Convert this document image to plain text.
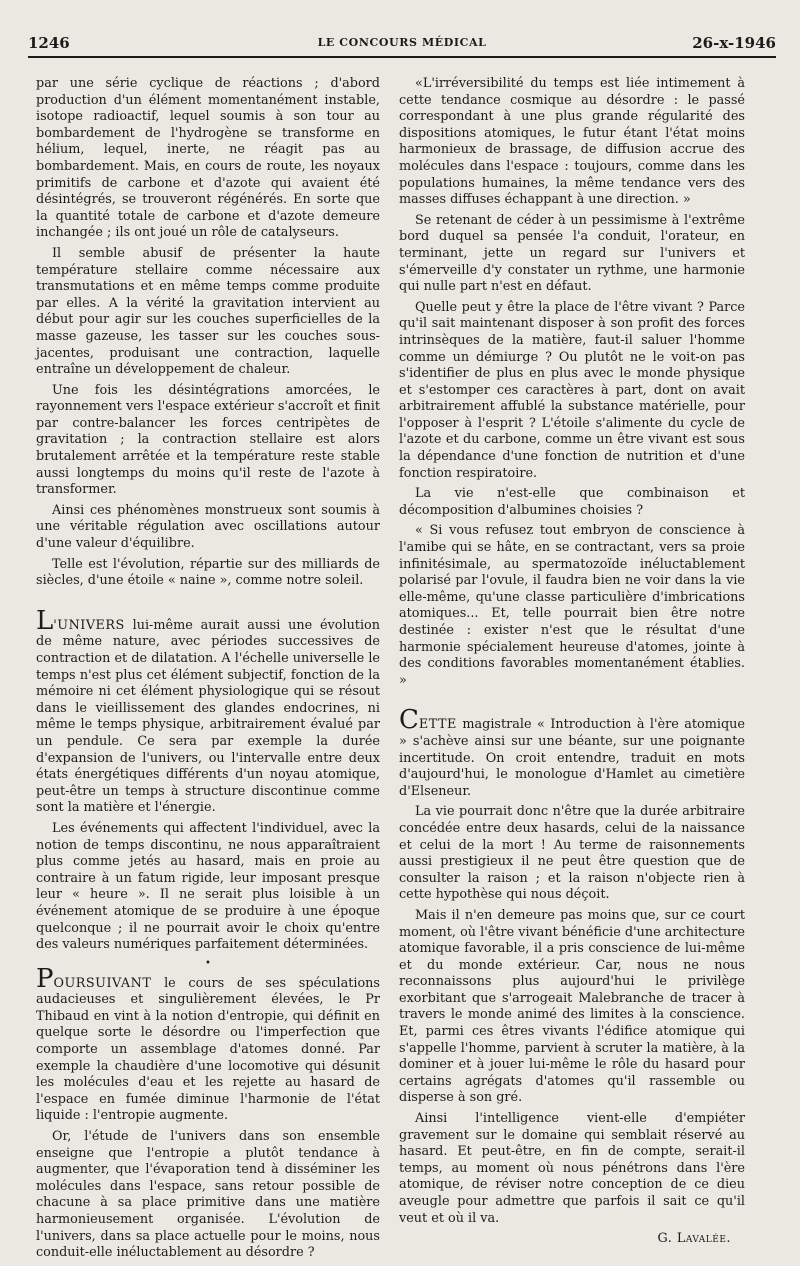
1246	LE CONCOURS MÉDICAL	26-x-1946

par une série cyclique de réactions ; d'abord production d'un élément momentanément instable, isotope radioactif, lequel soumis à son tour au bombardement de l'hydrogène se transforme en hélium, lequel, inerte, ne réagit pas au bombardement. Mais, en cours de route, les noyaux primitifs de carbone et d'azote qui avaient été désintégrés, se trouveront régénérés. En sorte que la quantité totale de carbone et d'azote demeure inchangée ; ils ont joué un rôle de catalyseurs.

Il semble abusif de présenter la haute température stellaire comme nécessaire aux transmutations et en même temps comme produite par elles. A la vérité la gravitation intervient au début pour agir sur les couches superficielles de la masse gazeuse, les tasser sur les couches sous-jacentes, produisant une contraction, laquelle entraîne un développement de chaleur.

Une fois les désintégrations amorcées, le rayonnement vers l'espace extérieur s'accroît et finit par contre-balancer les forces centripètes de gravitation ; la contraction stellaire est alors brutalement arrêtée et la température reste stable aussi longtemps du moins qu'il reste de l'azote à transformer.

Ainsi ces phénomènes monstrueux sont soumis à une véritable régulation avec oscillations autour d'une valeur d'équilibre.

Telle est l'évolution, répartie sur des milliards de siècles, d'une étoile « naine », comme notre soleil.

L'UNIVERS lui-même aurait aussi une évolution de même nature, avec périodes successives de contraction et de dilatation. A l'échelle universelle le temps n'est plus cet élément subjectif, fonction de la mémoire ni cet élément physiologique qui se résout dans le vieillissement des glandes endocrines, ni même le temps physique, arbitrairement évalué par un pendule. Ce sera par exemple la durée d'expansion de l'univers, ou l'intervalle entre deux états énergétiques différents d'un noyau atomique, peut-être un temps à structure discontinue comme sont la matière et l'énergie.

Les événements qui affectent l'individuel, avec la notion de temps discontinu, ne nous apparaîtraient plus comme jetés au hasard, mais en proie au contraire à un fatum rigide, leur imposant presque leur « heure ». Il ne serait plus loisible à un événement atomique de se produire à une époque quelconque ; il ne pourrait avoir le choix qu'entre des valeurs numériques parfaitement déterminées.

•

POURSUIVANT le cours de ses spéculations audacieuses et singulièrement élevées, le Pr Thibaud en vint à la notion d'entropie, qui définit en quelque sorte le désordre ou l'imperfection que comporte un assemblage d'atomes donné. Par exemple la chaudière d'une locomotive qui désunit les molécules d'eau et les rejette au hasard de l'espace en fumée diminue l'harmonie de l'état liquide : l'entropie augmente.

Or, l'étude de l'univers dans son ensemble enseigne que l'entropie a plutôt tendance à augmenter, que l'évaporation tend à disséminer les molécules dans l'espace, sans retour possible de chacune à sa place primitive dans une matière harmonieusement organisée. L'évolution de l'univers, dans sa place actuelle pour le moins, nous conduit-elle inéluctablement au désordre ?

«L'irréversibilité du temps est liée intimement à cette tendance cosmique au désordre : le passé correspondant à une plus grande régularité des dispositions atomiques, le futur étant l'état moins harmonieux de brassage, de diffusion accrue des molécules dans l'espace : toujours, comme dans les populations humaines, la même tendance vers des masses diffuses échappant à une direction. »

Se retenant de céder à un pessimisme à l'extrême bord duquel sa pensée l'a conduit, l'orateur, en terminant, jette un regard sur l'univers et s'émerveille d'y constater un rythme, une harmonie qui nulle part n'est en défaut.

Quelle peut y être la place de l'être vivant ? Parce qu'il sait maintenant disposer à son profit des forces intrinsèques de la matière, faut-il saluer l'homme comme un démiurge ? Ou plutôt ne le voit-on pas s'identifier de plus en plus avec le monde physique et s'estomper ces caractères à part, dont on avait arbitrairement affublé la substance matérielle, pour l'opposer à l'esprit ? L'étoile s'alimente du cycle de l'azote et du carbone, comme un être vivant est sous la dépendance d'une fonction de nutrition et d'une fonction respiratoire.

La vie n'est-elle que combinaison et décomposition d'albumines choisies ?

« Si vous refusez tout embryon de conscience à l'amibe qui se hâte, en se contractant, vers sa proie infinitésimale, au spermatozoïde inéluctablement polarisé par l'ovule, il faudra bien ne voir dans la vie elle-même, qu'une classe particulière d'imbrications atomiques... Et, telle pourrait bien être notre destinée : exister n'est que le résultat d'une harmonie spécialement heureuse d'atomes, jointe à des conditions favorables momentanément établies. »

CETTE magistrale « Introduction à l'ère atomique » s'achève ainsi sur une béante, sur une poignante incertitude. On croit entendre, traduit en mots d'aujourd'hui, le monologue d'Hamlet au cimetière d'Elseneur.

La vie pourrait donc n'être que la durée arbitraire concédée entre deux hasards, celui de la naissance et celui de la mort ! Au terme de raisonnements aussi prestigieux il ne peut être question que de consulter la raison ; et la raison n'objecte rien à cette hypothèse qui nous déçoit.

Mais il n'en demeure pas moins que, sur ce court moment, où l'être vivant bénéficie d'une architecture atomique favorable, il a pris conscience de lui-même et du monde extérieur. Car, nous ne nous reconnaissons plus aujourd'hui le privilège exorbitant que s'arrogeait Malebranche de tracer à travers le monde animé des limites à la conscience. Et, parmi ces êtres vivants l'édifice atomique qui s'appelle l'homme, parvient à scruter la matière, à la dominer et à jouer lui-même le rôle du hasard pour certains agrégats d'atomes qu'il rassemble ou disperse à son gré.

Ainsi l'intelligence vient-elle d'empiéter gravement sur le domaine qui semblait réservé au hasard. Et peut-être, en fin de compte, serait-il temps, au moment où nous pénétrons dans l'ère atomique, de réviser notre conception de ce dieu aveugle pour admettre que parfois il sait ce qu'il veut et où il va.

G. Lavalée.
